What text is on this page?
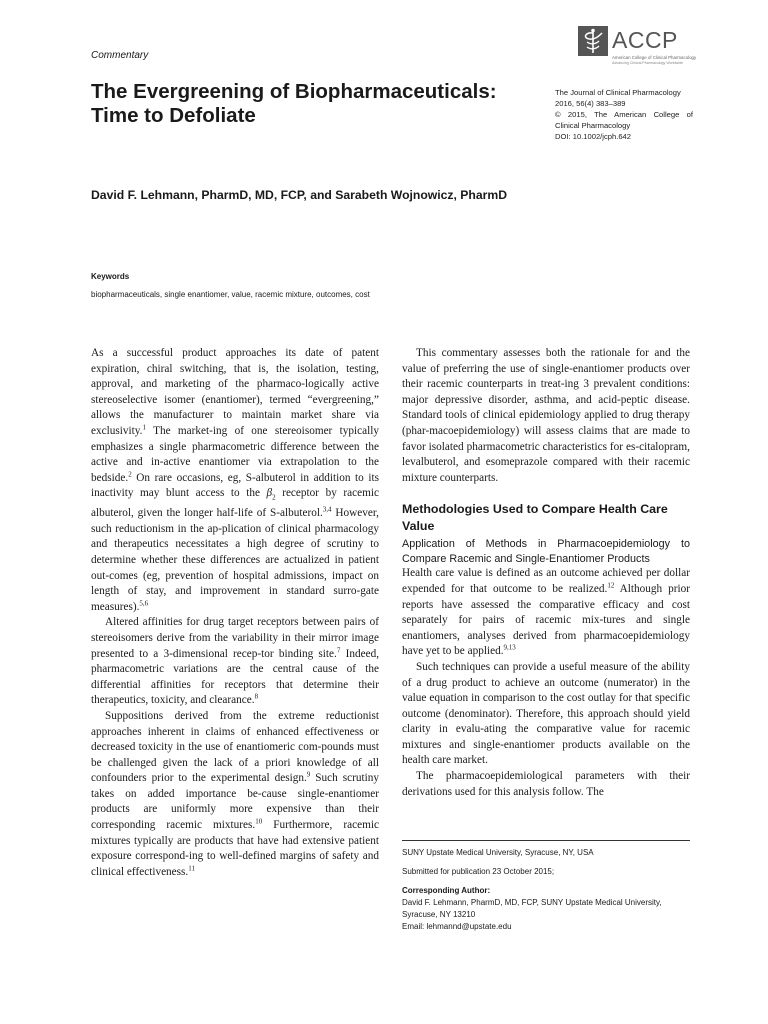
Commentary
The Evergreening of Biopharmaceuticals: Time to Defoliate
ACCP
American College of Clinical Pharmacology
Advancing Clinical Pharmacology Worldwide
The Journal of Clinical Pharmacology
2016, 56(4) 383–389
© 2015, The American College of Clinical Pharmacology
DOI: 10.1002/jcph.642
David F. Lehmann, PharmD, MD, FCP, and Sarabeth Wojnowicz, PharmD
Keywords
biopharmaceuticals, single enantiomer, value, racemic mixture, outcomes, cost

As a successful product approaches its date of patent expiration, chiral switching, that is, the isolation, testing, approval, and marketing of the pharmaco-logically active stereoselective isomer (enantiomer), termed “evergreening,” allows the manufacturer to maintain market share via exclusivity.$^1$ The market-ing of one stereoisomer typically emphasizes a single pharmacometric difference between the active and in-active enantiomer via extrapolation to the bedside.$^2$ On rare occasions, eg, S-albuterol in addition to its inactivity may blunt access to the $\beta_2$ receptor by racemic albuterol, given the longer half-life of S-albuterol.$^{3,4}$ However, such reductionism in the ap-plication of clinical pharmacology and therapeutics necessitates a high degree of scrutiny to determine whether these differences are actualized in patient out-comes (eg, prevention of hospital admissions, impact on length of stay, and improvement in standard surro-gate measures).$^{5,6}$

Altered affinities for drug target receptors between pairs of stereoisomers derive from the variability in their mirror image presented to a 3-dimensional recep-tor binding site.$^7$ Indeed, pharmacometric variations are the central cause of the differential affinities for receptors that determine their therapeutics, toxicity, and clearance.$^8$

Suppositions derived from the extreme reductionist approaches inherent in claims of enhanced effectiveness or decreased toxicity in the use of enantiomeric com-pounds must be challenged given the lack of a priori knowledge of all confounders prior to the experimental design.$^9$ Such scrutiny takes on added importance be-cause single-enantiomer products are uniformly more expensive than their corresponding racemic mixtures.$^{10}$ Furthermore, racemic mixtures typically are products that have had extensive patient exposure correspond-ing to well-defined margins of safety and clinical effectiveness.$^{11}$

This commentary assesses both the rationale for and the value of preferring the use of single-enantiomer products over their racemic counterparts in treat-ing 3 prevalent conditions: major depressive disorder, asthma, and acid-peptic disease. Standard tools of clinical epidemiology applied to drug therapy (phar-macoepidemiology) will assess claims that are made to favor isolated pharmacometric characteristics for es-citalopram, levalbuterol, and esomeprazole compared with their racemic mixture counterparts.

Methodologies Used to Compare Health Care Value
Application of Methods in Pharmacoepidemiology to Compare Racemic and Single-Enantiomer Products

Health care value is defined as an outcome achieved per dollar expended for that outcome to be realized.$^{12}$ Although prior reports have assessed the comparative efficacy and cost separately for pairs of racemic mix-tures and single enantiomers, analyses derived from pharmacoepidemiology have yet to be applied.$^{9,13}$

Such techniques can provide a useful measure of the ability of a drug product to achieve an outcome (numerator) in the value equation in comparison to the cost outlay for that specific outcome (denominator). Therefore, this approach should yield clarity in evalu-ating the comparative value for racemic mixtures and single-enantiomer products available on the health care market.

The pharmacoepidemiological parameters with their derivations used for this analysis follow. The

SUNY Upstate Medical University, Syracuse, NY, USA
Submitted for publication 23 October 2015;
Corresponding Author:
David F. Lehmann, PharmD, MD, FCP, SUNY Upstate Medical University, Syracuse, NY 13210
Email: lehmannd@upstate.edu
